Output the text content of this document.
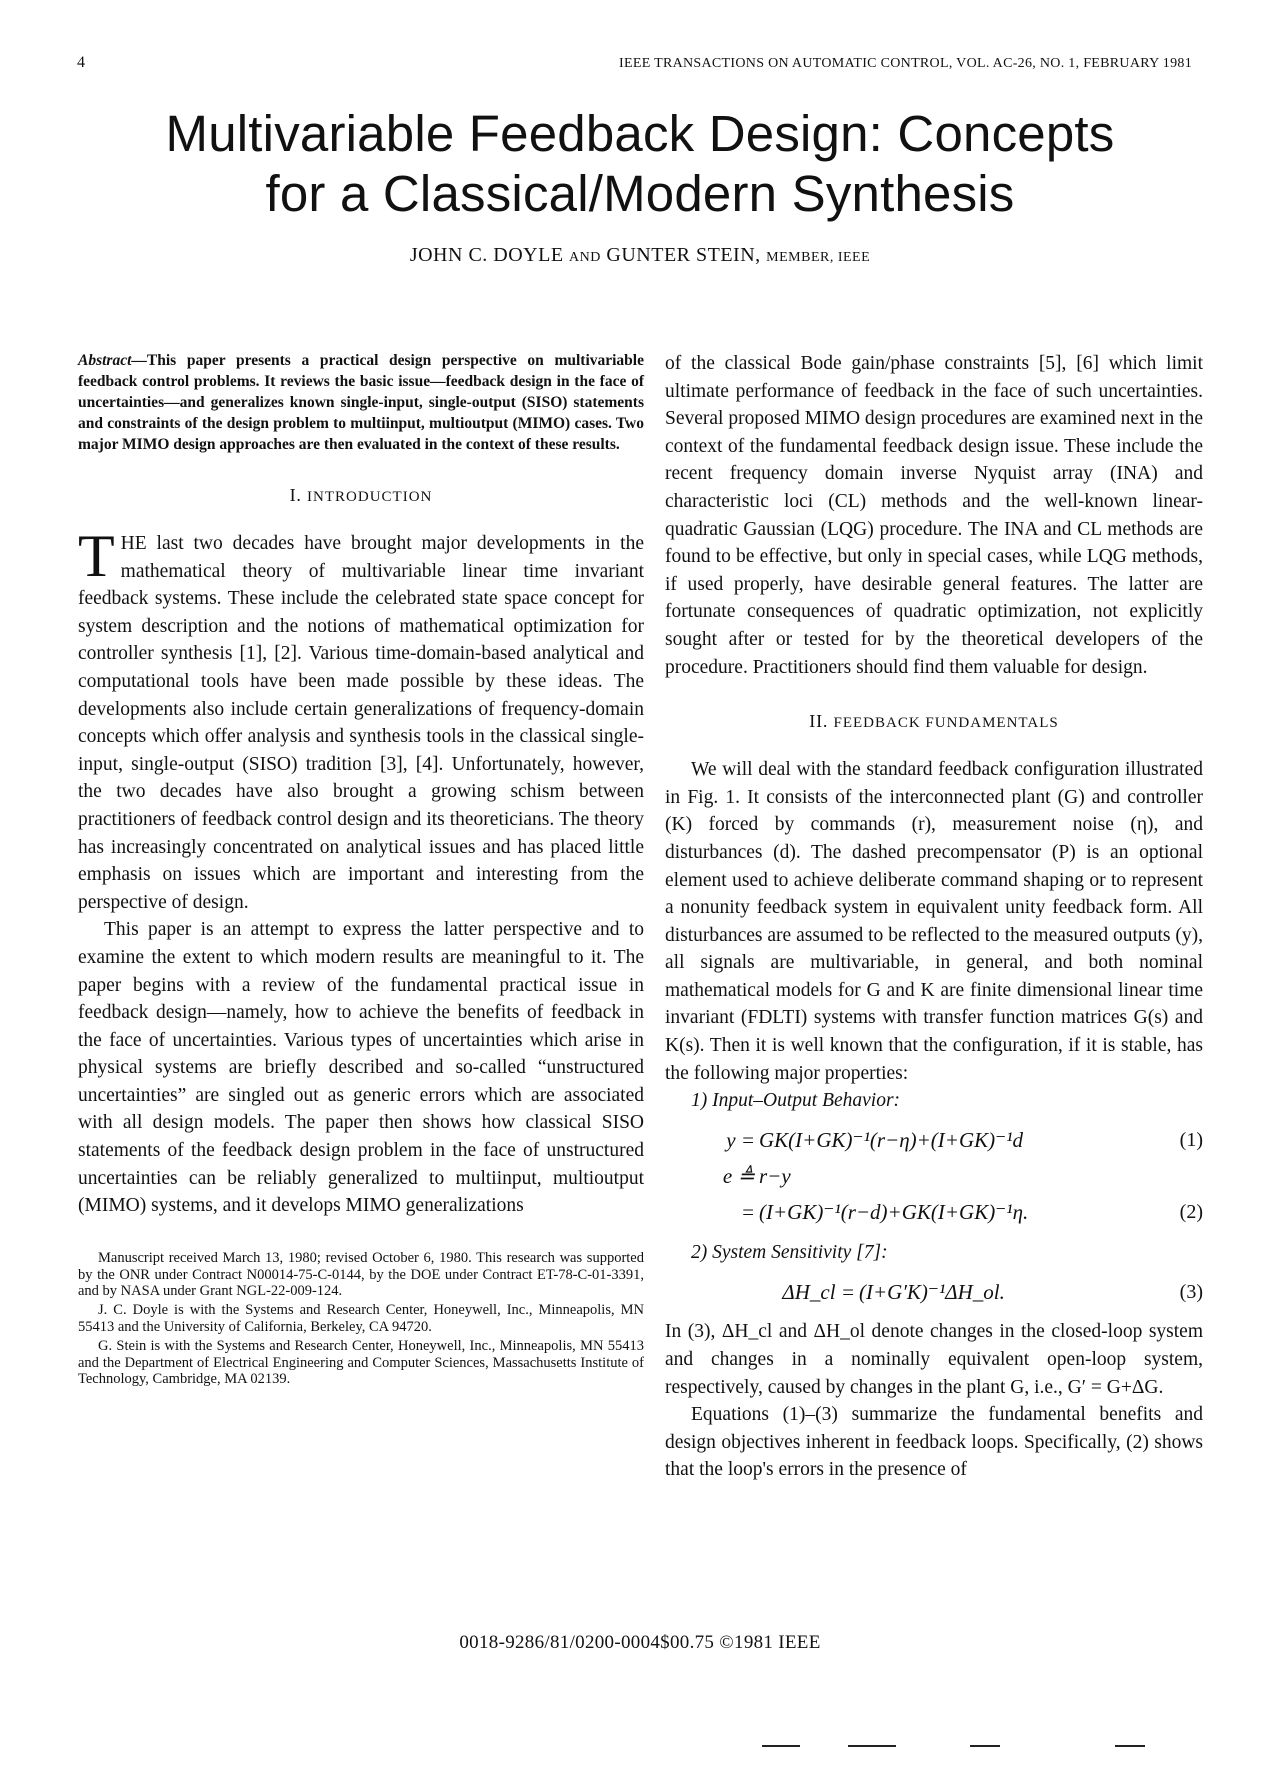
4	IEEE TRANSACTIONS ON AUTOMATIC CONTROL, VOL. AC-26, NO. 1, FEBRUARY 1981
Multivariable Feedback Design: Concepts
for a Classical/Modern Synthesis
JOHN C. DOYLE AND GUNTER STEIN, MEMBER, IEEE

Abstract—This paper presents a practical design perspective on multivariable feedback control problems. It reviews the basic issue—feedback design in the face of uncertainties—and generalizes known single-input, single-output (SISO) statements and constraints of the design problem to multiinput, multioutput (MIMO) cases. Two major MIMO design approaches are then evaluated in the context of these results.

I. INTRODUCTION

THE last two decades have brought major developments in the mathematical theory of multivariable linear time invariant feedback systems. These include the celebrated state space concept for system description and the notions of mathematical optimization for controller synthesis [1], [2]. Various time-domain-based analytical and computational tools have been made possible by these ideas. The developments also include certain generalizations of frequency-domain concepts which offer analysis and synthesis tools in the classical single-input, single-output (SISO) tradition [3], [4]. Unfortunately, however, the two decades have also brought a growing schism between practitioners of feedback control design and its theoreticians. The theory has increasingly concentrated on analytical issues and has placed little emphasis on issues which are important and interesting from the perspective of design.

This paper is an attempt to express the latter perspective and to examine the extent to which modern results are meaningful to it. The paper begins with a review of the fundamental practical issue in feedback design—namely, how to achieve the benefits of feedback in the face of uncertainties. Various types of uncertainties which arise in physical systems are briefly described and so-called “unstructured uncertainties” are singled out as generic errors which are associated with all design models. The paper then shows how classical SISO statements of the feedback design problem in the face of unstructured uncertainties can be reliably generalized to multiinput, multioutput (MIMO) systems, and it develops MIMO generalizations

Manuscript received March 13, 1980; revised October 6, 1980. This research was supported by the ONR under Contract N00014-75-C-0144, by the DOE under Contract ET-78-C-01-3391, and by NASA under Grant NGL-22-009-124.

J. C. Doyle is with the Systems and Research Center, Honeywell, Inc., Minneapolis, MN 55413 and the University of California, Berkeley, CA 94720.

G. Stein is with the Systems and Research Center, Honeywell, Inc., Minneapolis, MN 55413 and the Department of Electrical Engineering and Computer Sciences, Massachusetts Institute of Technology, Cambridge, MA 02139.

of the classical Bode gain/phase constraints [5], [6] which limit ultimate performance of feedback in the face of such uncertainties. Several proposed MIMO design procedures are examined next in the context of the fundamental feedback design issue. These include the recent frequency domain inverse Nyquist array (INA) and characteristic loci (CL) methods and the well-known linear-quadratic Gaussian (LQG) procedure. The INA and CL methods are found to be effective, but only in special cases, while LQG methods, if used properly, have desirable general features. The latter are fortunate consequences of quadratic optimization, not explicitly sought after or tested for by the theoretical developers of the procedure. Practitioners should find them valuable for design.

II. FEEDBACK FUNDAMENTALS

We will deal with the standard feedback configuration illustrated in Fig. 1. It consists of the interconnected plant (G) and controller (K) forced by commands (r), measurement noise (η), and disturbances (d). The dashed precompensator (P) is an optional element used to achieve deliberate command shaping or to represent a nonunity feedback system in equivalent unity feedback form. All disturbances are assumed to be reflected to the measured outputs (y), all signals are multivariable, in general, and both nominal mathematical models for G and K are finite dimensional linear time invariant (FDLTI) systems with transfer function matrices G(s) and K(s). Then it is well known that the configuration, if it is stable, has the following major properties:

1) Input–Output Behavior:

y = GK(I+GK)⁻¹(r−η)+(I+GK)⁻¹d	(1)
e ≜ r−y
= (I+GK)⁻¹(r−d)+GK(I+GK)⁻¹η.	(2)

2) System Sensitivity [7]:

ΔH_cl = (I+G′K)⁻¹ΔH_ol.	(3)

In (3), ΔH_cl and ΔH_ol denote changes in the closed-loop system and changes in a nominally equivalent open-loop system, respectively, caused by changes in the plant G, i.e., G′ = G+ΔG.

Equations (1)–(3) summarize the fundamental benefits and design objectives inherent in feedback loops. Specifically, (2) shows that the loop's errors in the presence of

0018-9286/81/0200-0004$00.75 ©1981 IEEE
